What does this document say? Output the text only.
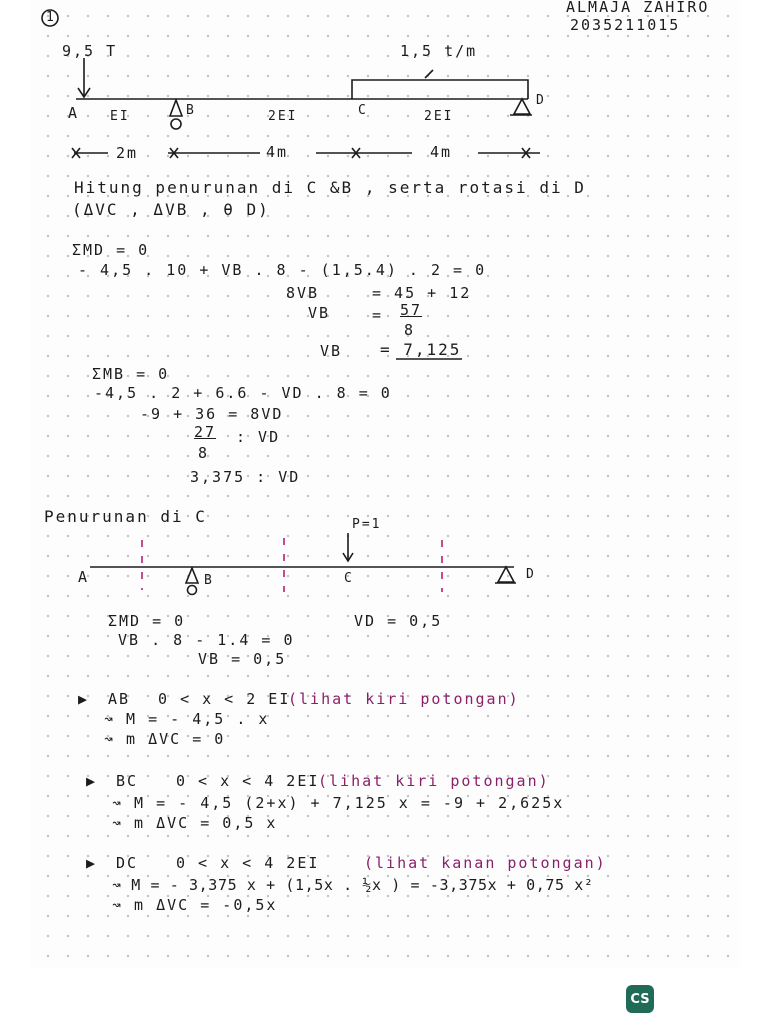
1
ALMAJA ZAHIRO
2035211015
9,5 T	1,5 t/m
A	B	C
D
EI	2EI	2EI
2m	4m	4m
Hitung penurunan di C &B , serta rotasi di D
(ΔVC , ΔVB , θ D)
ΣMD = 0
- 4,5 . 10 + VB . 8 - (1,5.4) . 2 = 0
8VB	= 45 + 12
VB	= 57
8
VB = 7,125
ΣMB = 0
-4,5 . 2 + 6.6 - VD . 8 = 0
-9 + 36 = 8VD
27 : VD
8
3,375 : VD
Penurunan di C	P=1
A	B	C	D
ΣMD = 0
VB . 8 - 1.4 = 0
VB = 0,5
VD = 0,5
▶ AB 0 < x < 2 EI
(lihat kiri potongan)
↝ M = - 4,5 . x
↝ m ΔVC = 0
▶ BC	0 < x < 4 2EI
(lihat kiri potongan)
↝ M = - 4,5 (2+x) + 7,125 x = -9 + 2,625x
↝ m ΔVC = 0,5 x
▶ DC	0 < x < 4 2EI	(lihat kanan potongan)
↝ M = - 3,375 x + (1,5x . ½x ) = -3,375x + 0,75 x²
↝ m ΔVC = -0,5x
CS
